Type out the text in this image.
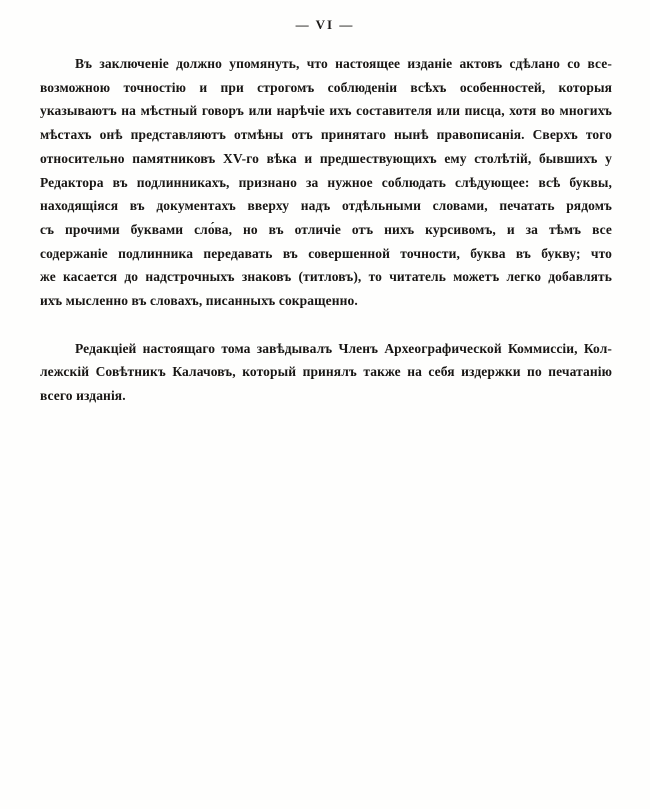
— VI —
Въ заключеніе должно упомянуть, что настоящее изданіе актовъ сдѣлано со все-
возможною точностію и при строгомъ соблюденіи всѣхъ особенностей, которыя
указываютъ на мѣстный говоръ или нарѣчіе ихъ составителя или писца, хотя во многихъ
мѣстахъ онѣ представляютъ отмѣны отъ принятаго нынѣ правописанія. Сверхъ того
относительно памятниковъ XV-го вѣка и предшествующихъ ему столѣтій, бывшихъ у
Редактора въ подлинникахъ, признано за нужное соблюдать слѣдующее: всѣ буквы,
находящіяся въ документахъ вверху надъ отдѣльными словами, печатать рядомъ
съ прочими буквами сло́ва, но въ отличіе отъ нихъ курсивомъ, и за тѣмъ все
содержаніе подлинника передавать въ совершенной точности, буква въ букву; что
же касается до надстрочныхъ знаковъ (титловъ), то читатель можетъ легко добавлять
ихъ мысленно въ словахъ, писанныхъ сокращенно.
Редакціей настоящаго тома завѣдывалъ Членъ Археографической Коммиссіи, Кол-
лежскій Совѣтникъ Калачовъ, который принялъ также на себя издержки по печатанію
всего изданія.
